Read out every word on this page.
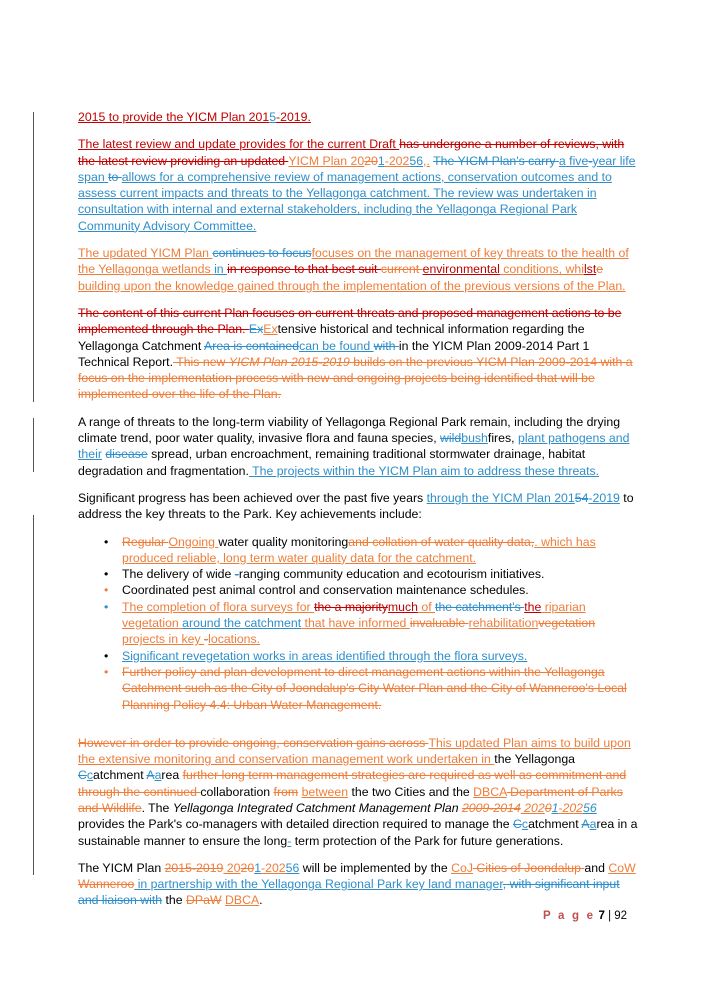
2015 to provide the YICM Plan 2015-2019.

The latest review and update provides for the current Draft has undergone a number of reviews, with the latest review providing an updated YICM Plan 20201-20256,. The YICM Plan's carry a five-year life span to allows for a comprehensive review of management actions, conservation outcomes and to assess current impacts and threats to the Yellagonga catchment. The review was undertaken in consultation with internal and external stakeholders, including the Yellagonga Regional Park Community Advisory Committee.

The updated YICM Plan continues to focusfocuses on the management of key threats to the health of the Yellagonga wetlands in in response to that best suit current environmental conditions, whilste building upon the knowledge gained through the implementation of the previous versions of the Plan.

The content of this current Plan focuses on current threats and proposed management actions to be implemented through the Plan. ExExtensive historical and technical information regarding the Yellagonga Catchment Area is containedcan be found with in the YICM Plan 2009-2014 Part 1 Technical Report. This new YICM Plan 2015-2019 builds on the previous YICM Plan 2009-2014 with a focus on the implementation process with new and ongoing projects being identified that will be implemented over the life of the Plan.

A range of threats to the long-term viability of Yellagonga Regional Park remain, including the drying climate trend, poor water quality, invasive flora and fauna species, wildbushfires, plant pathogens and their disease spread, urban encroachment, remaining traditional stormwater drainage, habitat degradation and fragmentation. The projects within the YICM Plan aim to address these threats.

Significant progress has been achieved over the past five years through the YICM Plan 20154-2019 to address the key threats to the Park. Key achievements include:

• Regular Ongoing water quality monitoringand collation of water quality data,. which has produced reliable, long term water quality data for the catchment.
• The delivery of wide -ranging community education and ecotourism initiatives.
• Coordinated pest animal control and conservation maintenance schedules.
• The completion of flora surveys for the a majoritymuch of the catchment's the riparian vegetation around the catchment that have informed invaluable rehabilitationvegetation projects in key -locations.
• Significant revegetation works in areas identified through the flora surveys.
• Further policy and plan development to direct management actions within the Yellagonga Catchment such as the City of Joondalup's City Water Plan and the City of Wanneroo's Local Planning Policy 4.4: Urban Water Management.

However in order to provide ongoing, conservation gains across This updated Plan aims to build upon the extensive monitoring and conservation management work undertaken in the Yellagonga Ccatchment Aarea further long term management strategies are required as well as commitment and through the continued collaboration from between the two Cities and the DBCA Department of Parks and Wildlife. The Yellagonga Integrated Catchment Management Plan 2009-2014 20201-20256 provides the Park's co-managers with detailed direction required to manage the Ccatchment Aarea in a sustainable manner to ensure the long- term protection of the Park for future generations.

The YICM Plan 2015-2019 20201-20256 will be implemented by the CoJ Cities of Joondalup and CoW Wanneroo in partnership with the Yellagonga Regional Park key land manager, with significant input and liaison with the DPaW DBCA.

P a g e 7 | 92
